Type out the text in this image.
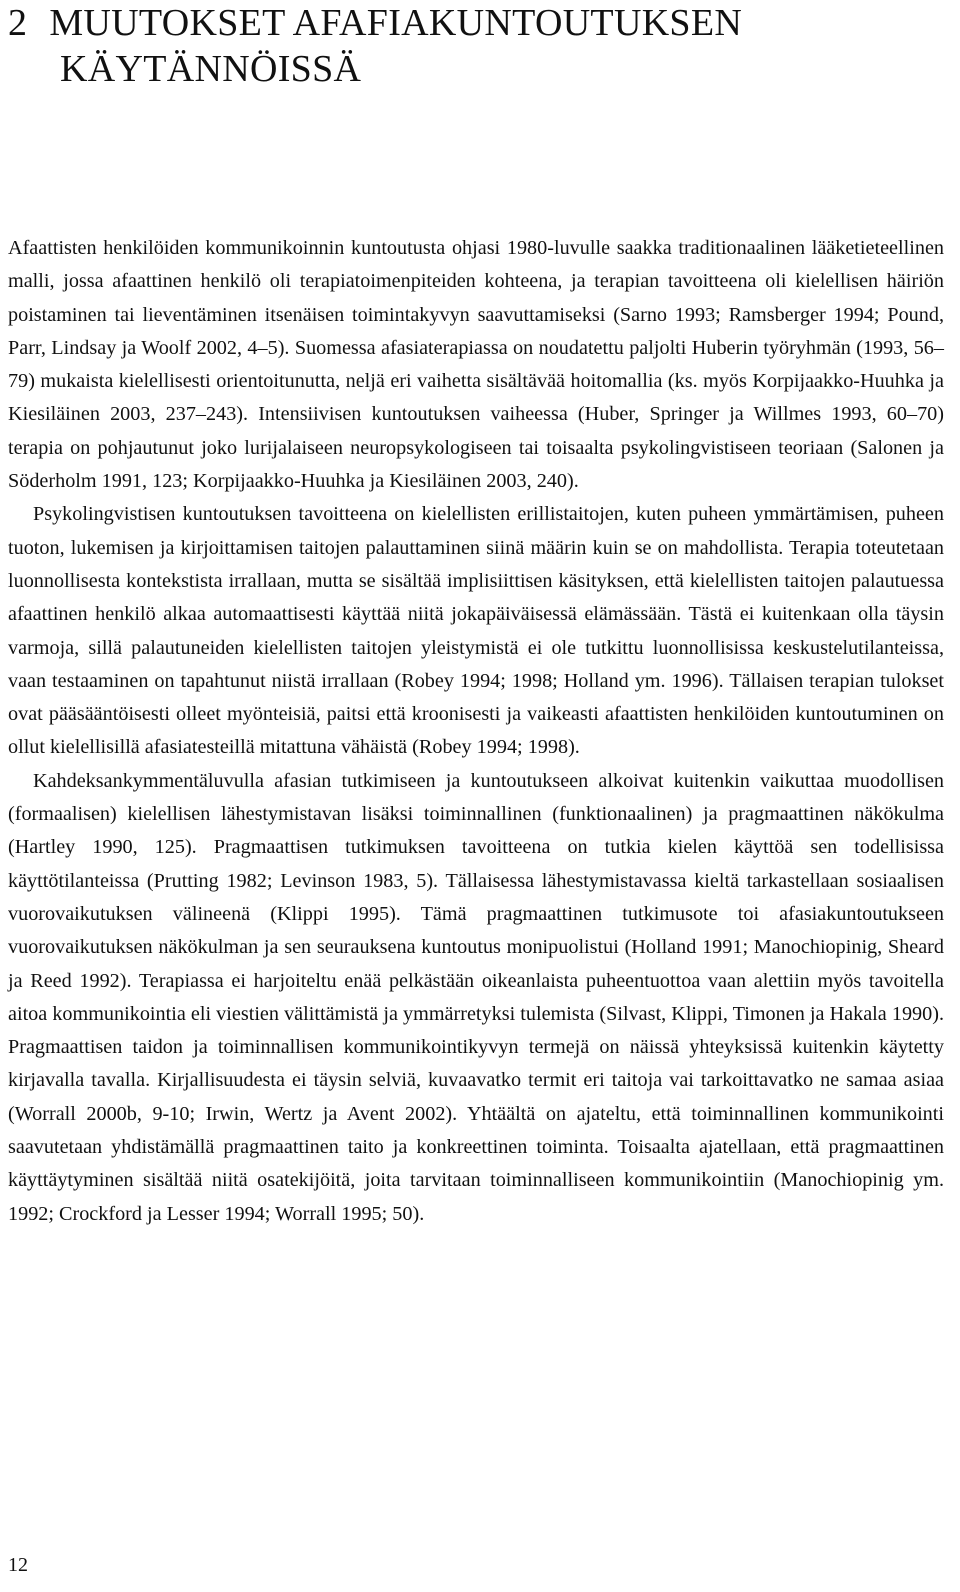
2 MUUTOKSET AFAFIAKUNTOUTUKSEN
KÄYTÄNNÖISSÄ

Afaattisten henkilöiden kommunikoinnin kuntoutusta ohjasi 1980-luvulle saakka traditionaalinen lääketieteellinen malli, jossa afaattinen henkilö oli terapiatoimenpiteiden kohteena, ja terapian tavoitteena oli kielellisen häiriön poistaminen tai lieventäminen itsenäisen toimintakyvyn saavuttamiseksi (Sarno 1993; Ramsberger 1994; Pound, Parr, Lindsay ja Woolf 2002, 4–5). Suomessa afasiaterapiassa on noudatettu paljolti Huberin työryhmän (1993, 56–79) mukaista kielellisesti orientoitunutta, neljä eri vaihetta sisältävää hoitomallia (ks. myös Korpijaakko-Huuhka ja Kiesiläinen 2003, 237–243). Intensiivisen kuntoutuksen vaiheessa (Huber, Springer ja Willmes 1993, 60–70) terapia on pohjautunut joko lurijalaiseen neuropsykologiseen tai toisaalta psykolingvistiseen teoriaan (Salonen ja Söderholm 1991, 123; Korpijaakko-Huuhka ja Kiesiläinen 2003, 240).

Psykolingvistisen kuntoutuksen tavoitteena on kielellisten erillistaitojen, kuten puheen ymmärtämisen, puheen tuoton, lukemisen ja kirjoittamisen taitojen palauttaminen siinä määrin kuin se on mahdollista. Terapia toteutetaan luonnollisesta kontekstista irrallaan, mutta se sisältää implisiittisen käsityksen, että kielellisten taitojen palautuessa afaattinen henkilö alkaa automaattisesti käyttää niitä jokapäiväisessä elämässään. Tästä ei kuitenkaan olla täysin varmoja, sillä palautuneiden kielellisten taitojen yleistymistä ei ole tutkittu luonnollisissa keskustelutilanteissa, vaan testaaminen on tapahtunut niistä irrallaan (Robey 1994; 1998; Holland ym. 1996). Tällaisen terapian tulokset ovat pääsääntöisesti olleet myönteisiä, paitsi että kroonisesti ja vaikeasti afaattisten henkilöiden kuntoutuminen on ollut kielellisillä afasiatesteillä mitattuna vähäistä (Robey 1994; 1998).

Kahdeksankymmentäluvulla afasian tutkimiseen ja kuntoutukseen alkoivat kuitenkin vaikuttaa muodollisen (formaalisen) kielellisen lähestymistavan lisäksi toiminnallinen (funktionaalinen) ja pragmaattinen näkökulma (Hartley 1990, 125). Pragmaattisen tutkimuksen tavoitteena on tutkia kielen käyttöä sen todellisissa käyttötilanteissa (Prutting 1982; Levinson 1983, 5). Tällaisessa lähestymistavassa kieltä tarkastellaan sosiaalisen vuorovaikutuksen välineenä (Klippi 1995). Tämä pragmaattinen tutkimusote toi afasiakuntoutukseen vuorovaikutuksen näkökulman ja sen seurauksena kuntoutus monipuolistui (Holland 1991; Manochiopinig, Sheard ja Reed 1992). Terapiassa ei harjoiteltu enää pelkästään oikeanlaista puheentuottoa vaan alettiin myös tavoitella aitoa kommunikointia eli viestien välittämistä ja ymmärretyksi tulemista (Silvast, Klippi, Timonen ja Hakala 1990). Pragmaattisen taidon ja toiminnallisen kommunikointikyvyn termejä on näissä yhteyksissä kuitenkin käytetty kirjavalla tavalla. Kirjallisuudesta ei täysin selviä, kuvaavatko termit eri taitoja vai tarkoittavatko ne samaa asiaa (Worrall 2000b, 9-10; Irwin, Wertz ja Avent 2002). Yhtäältä on ajateltu, että toiminnallinen kommunikointi saavutetaan yhdistämällä pragmaattinen taito ja konkreettinen toiminta. Toisaalta ajatellaan, että pragmaattinen käyttäytyminen sisältää niitä osatekijöitä, joita tarvitaan toiminnalliseen kommunikointiin (Manochiopinig ym. 1992; Crockford ja Lesser 1994; Worrall 1995; 50).

12
